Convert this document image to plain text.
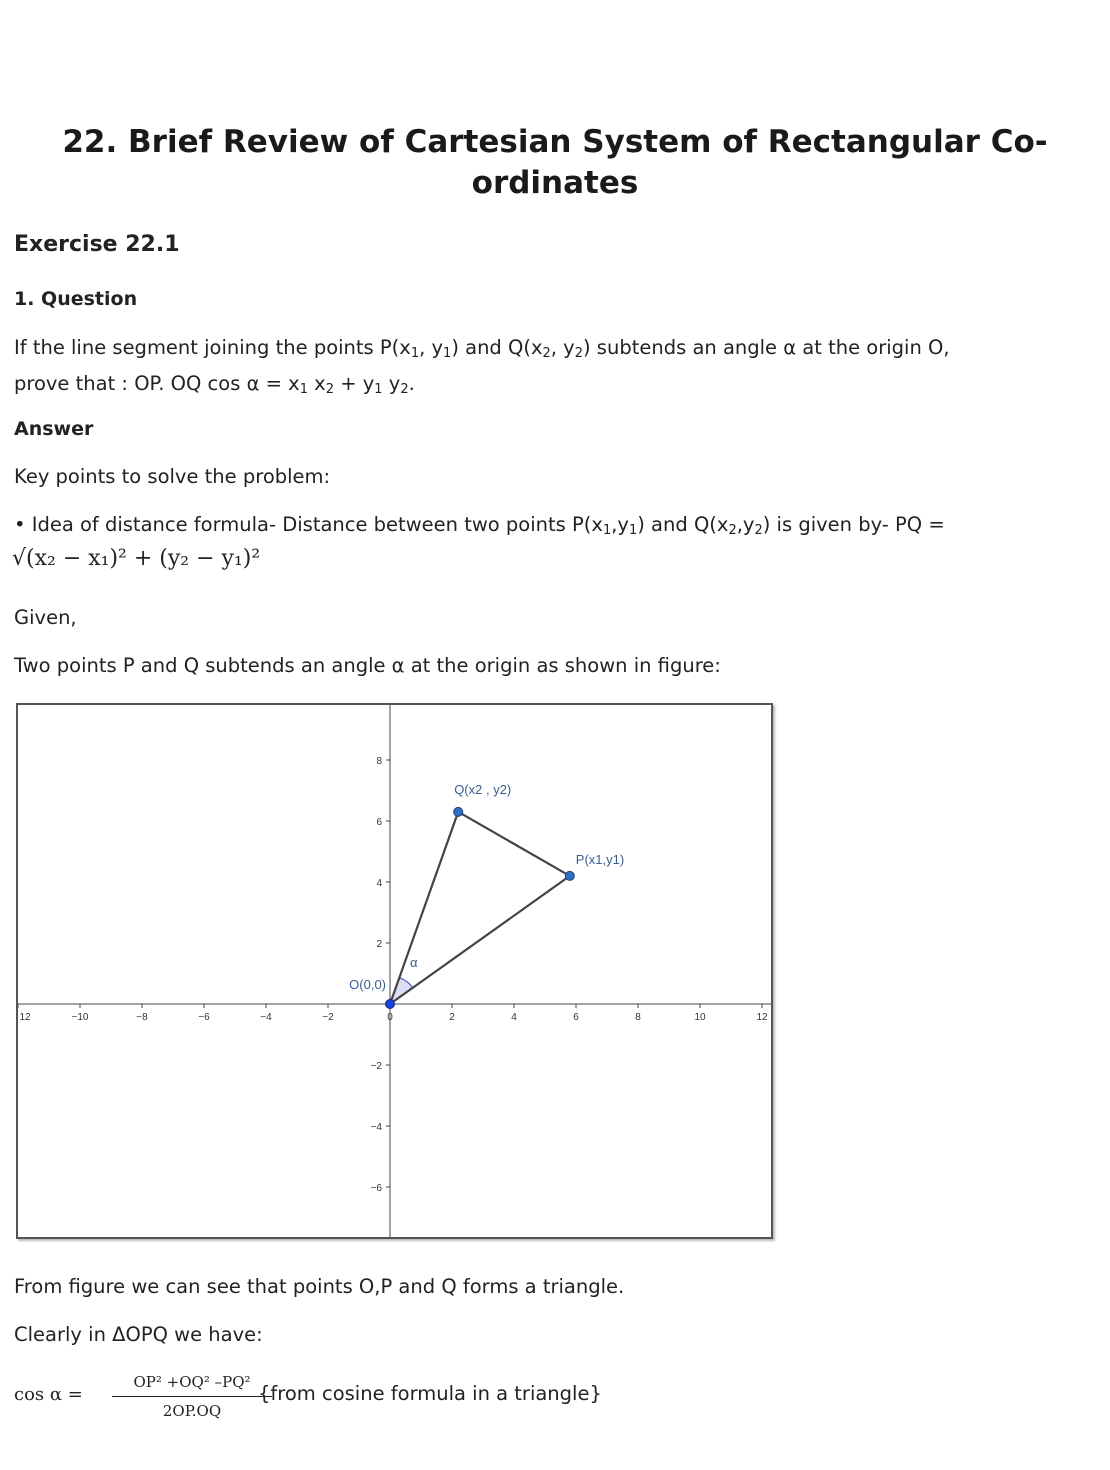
22. Brief Review of Cartesian System of Rectangular Co-ordinates
Exercise 22.1
1. Question
If the line segment joining the points $P(x_1$, $y_1$) and $Q(x_2$, $y_2$) subtends an angle α at the origin O,
prove that : OP. OQ $\cos \alpha = x_1$ $x_2 + y_1$ $y_2$.
Answer
Key points to solve the problem:
• Idea of distance formula- Distance between two points $P(x_1,y_1)$ and $Q(x_2,y_2)$ is given by- PQ =
√(x₂ − x₁)² + (y₂ − y₁)²
Given,
Two points P and Q subtends an angle α at the origin as shown in figure:
12	−10	−8	−6	−4	−2	0	2	4	6	8	10	12
2
4
6
8
−2
−4
−6
O(0,0)
P(x1,y1)
Q(x2 , y2)
α
From figure we can see that points O,P and Q forms a triangle.
Clearly in ΔOPQ we have:
cos α =
OP² +OQ² –PQ²
2OP.OQ
{from cosine formula in a triangle}
